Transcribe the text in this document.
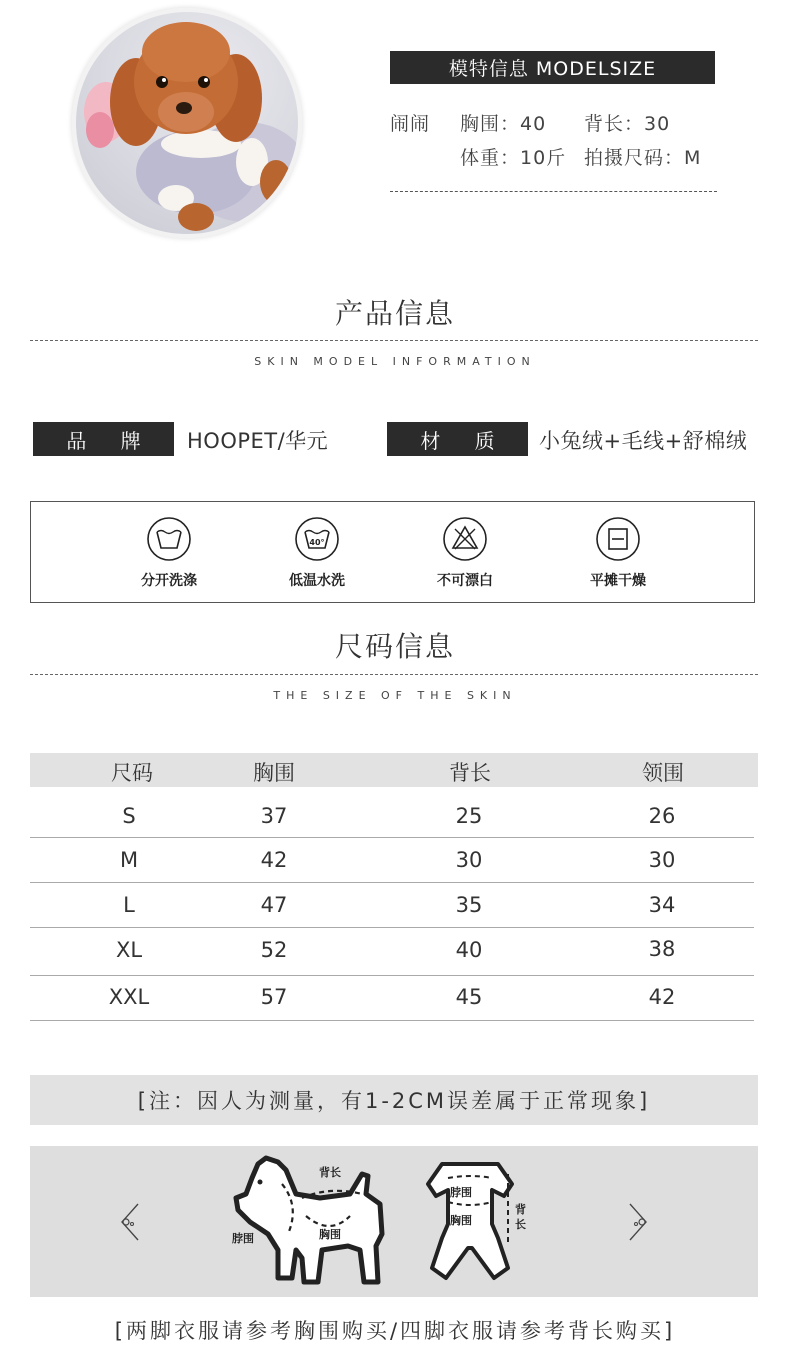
模特信息 MODELSIZE
闹闹 胸围：40 背长：30
体重：10斤 拍摄尺码：M
产品信息
SKIN MODEL INFORMATION
品 牌	HOOPET/华元	材 质	小兔绒+毛线+舒棉绒
分开洗涤
40°
低温水洗	不可漂白	平摊干燥
尺码信息
THE SIZE OF THE SKIN
尺码	胸围	背长	领围
S	37	25	26
M	42	30	30
L	47	35	34
XL	52	40	38
XXL	57	45	42
[注：因人为测量，有1-2CM误差属于正常现象]
背长
脖围	胸围
脖围
胸围
背长
[两脚衣服请参考胸围购买/四脚衣服请参考背长购买]
